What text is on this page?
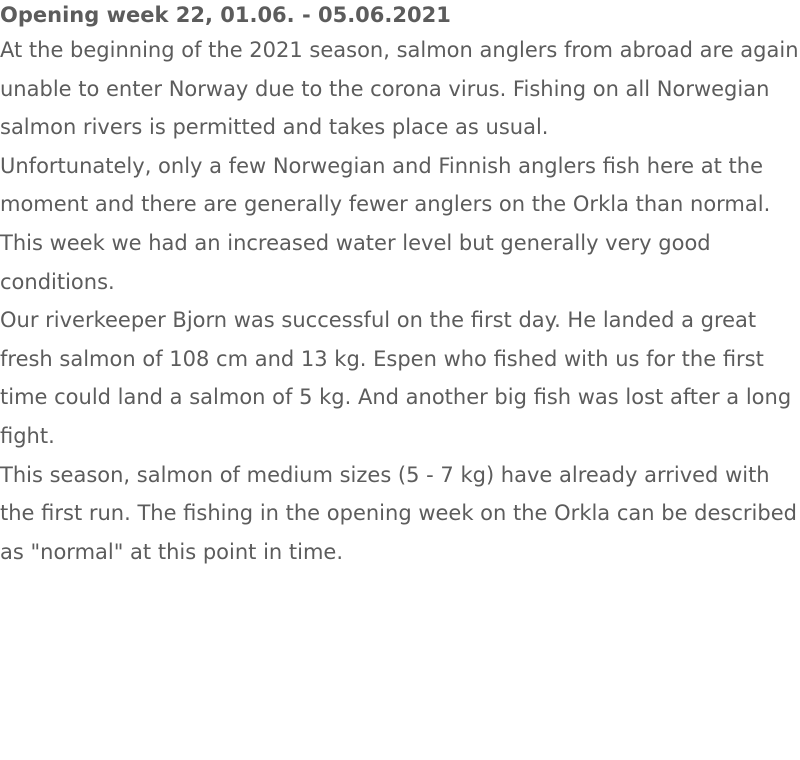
Opening week 22, 01.06. - 05.06.2021

At the beginning of the 2021 season, salmon anglers from abroad are again unable to enter Norway due to the corona virus. Fishing on all Norwegian salmon rivers is permitted and takes place as usual.

Unfortunately, only a few Norwegian and Finnish anglers fish here at the moment and there are generally fewer anglers on the Orkla than normal.

This week we had an increased water level but generally very good conditions.

Our riverkeeper Bjorn was successful on the first day. He landed a great fresh salmon of 108 cm and 13 kg. Espen who fished with us for the first time could land a salmon of 5 kg. And another big fish was lost after a long fight.

This season, salmon of medium sizes (5 - 7 kg) have already arrived with the first run. The fishing in the opening week on the Orkla can be described as "normal" at this point in time.
